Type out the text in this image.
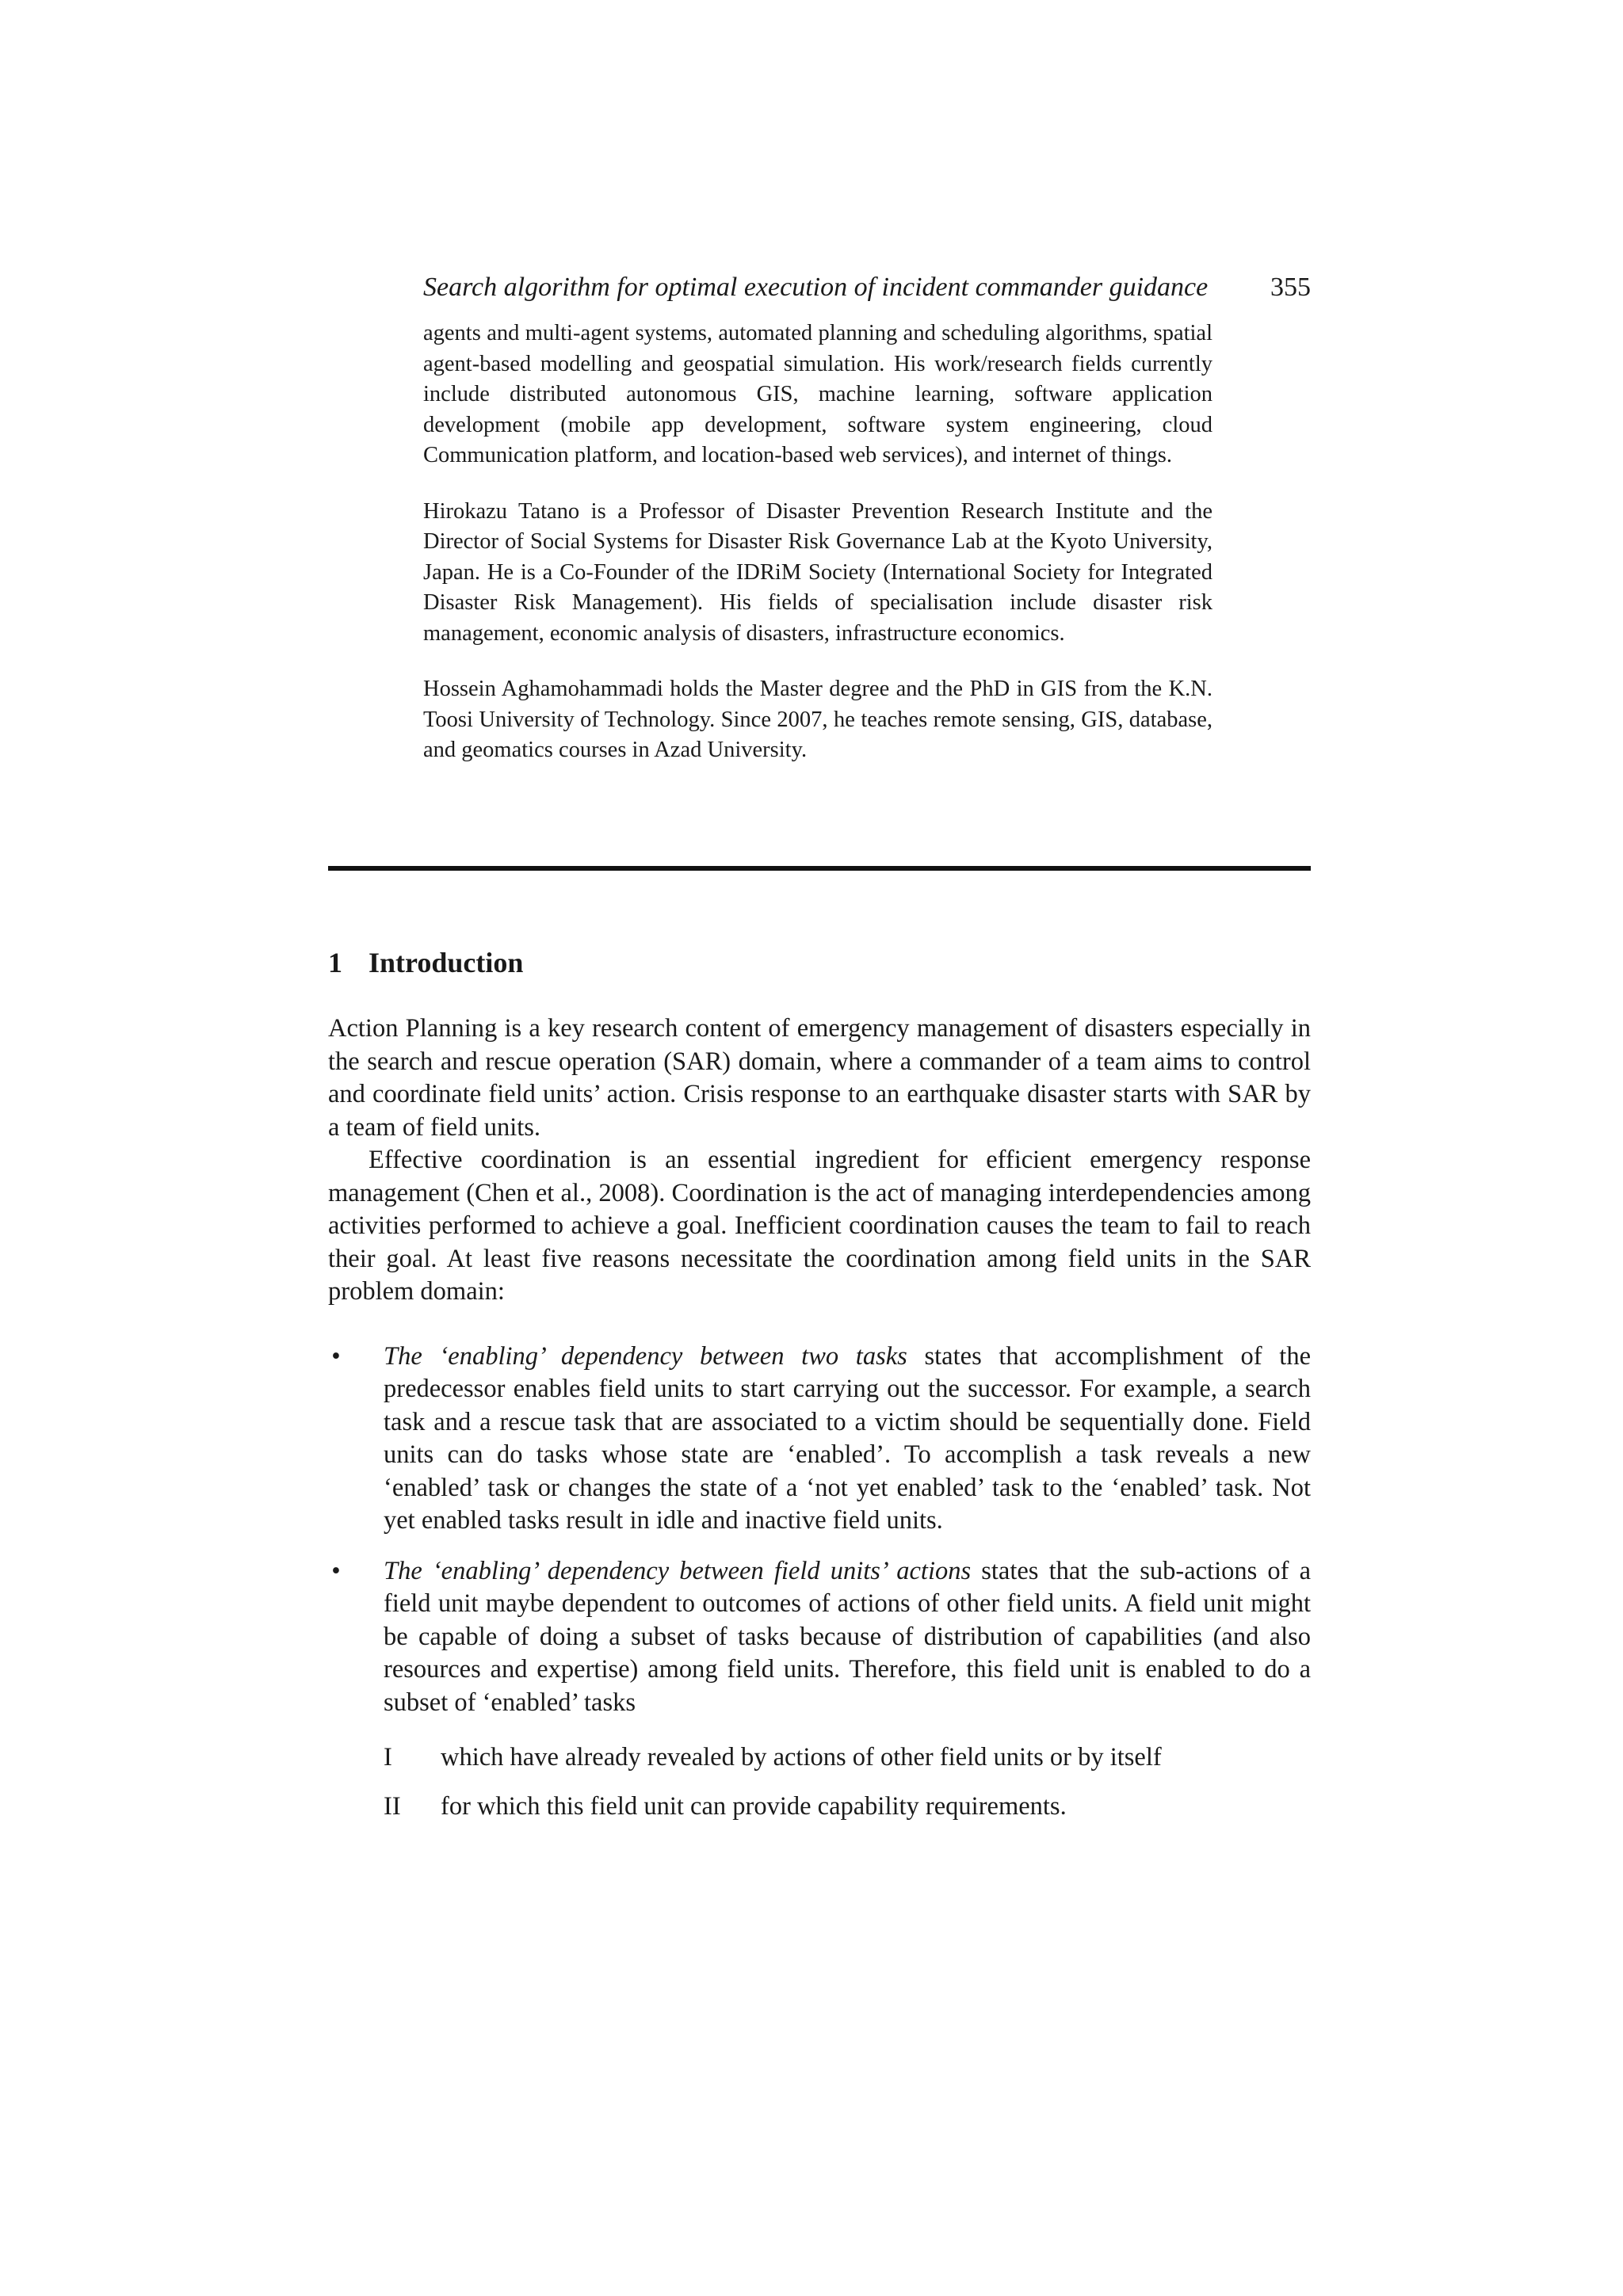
Search algorithm for optimal execution of incident commander guidance 355

agents and multi-agent systems, automated planning and scheduling algorithms, spatial agent-based modelling and geospatial simulation. His work/research fields currently include distributed autonomous GIS, machine learning, software application development (mobile app development, software system engineering, cloud Communication platform, and location-based web services), and internet of things.

Hirokazu Tatano is a Professor of Disaster Prevention Research Institute and the Director of Social Systems for Disaster Risk Governance Lab at the Kyoto University, Japan. He is a Co-Founder of the IDRiM Society (International Society for Integrated Disaster Risk Management). His fields of specialisation include disaster risk management, economic analysis of disasters, infrastructure economics.

Hossein Aghamohammadi holds the Master degree and the PhD in GIS from the K.N. Toosi University of Technology. Since 2007, he teaches remote sensing, GIS, database, and geomatics courses in Azad University.

1 Introduction

Action Planning is a key research content of emergency management of disasters especially in the search and rescue operation (SAR) domain, where a commander of a team aims to control and coordinate field units’ action. Crisis response to an earthquake disaster starts with SAR by a team of field units.

Effective coordination is an essential ingredient for efficient emergency response management (Chen et al., 2008). Coordination is the act of managing interdependencies among activities performed to achieve a goal. Inefficient coordination causes the team to fail to reach their goal. At least five reasons necessitate the coordination among field units in the SAR problem domain:

• The ‘enabling’ dependency between two tasks states that accomplishment of the predecessor enables field units to start carrying out the successor. For example, a search task and a rescue task that are associated to a victim should be sequentially done. Field units can do tasks whose state are ‘enabled’. To accomplish a task reveals a new ‘enabled’ task or changes the state of a ‘not yet enabled’ task to the ‘enabled’ task. Not yet enabled tasks result in idle and inactive field units.
• The ‘enabling’ dependency between field units’ actions states that the sub-actions of a field unit maybe dependent to outcomes of actions of other field units. A field unit might be capable of doing a subset of tasks because of distribution of capabilities (and also resources and expertise) among field units. Therefore, this field unit is enabled to do a subset of ‘enabled’ tasks
I which have already revealed by actions of other field units or by itself
II for which this field unit can provide capability requirements.
